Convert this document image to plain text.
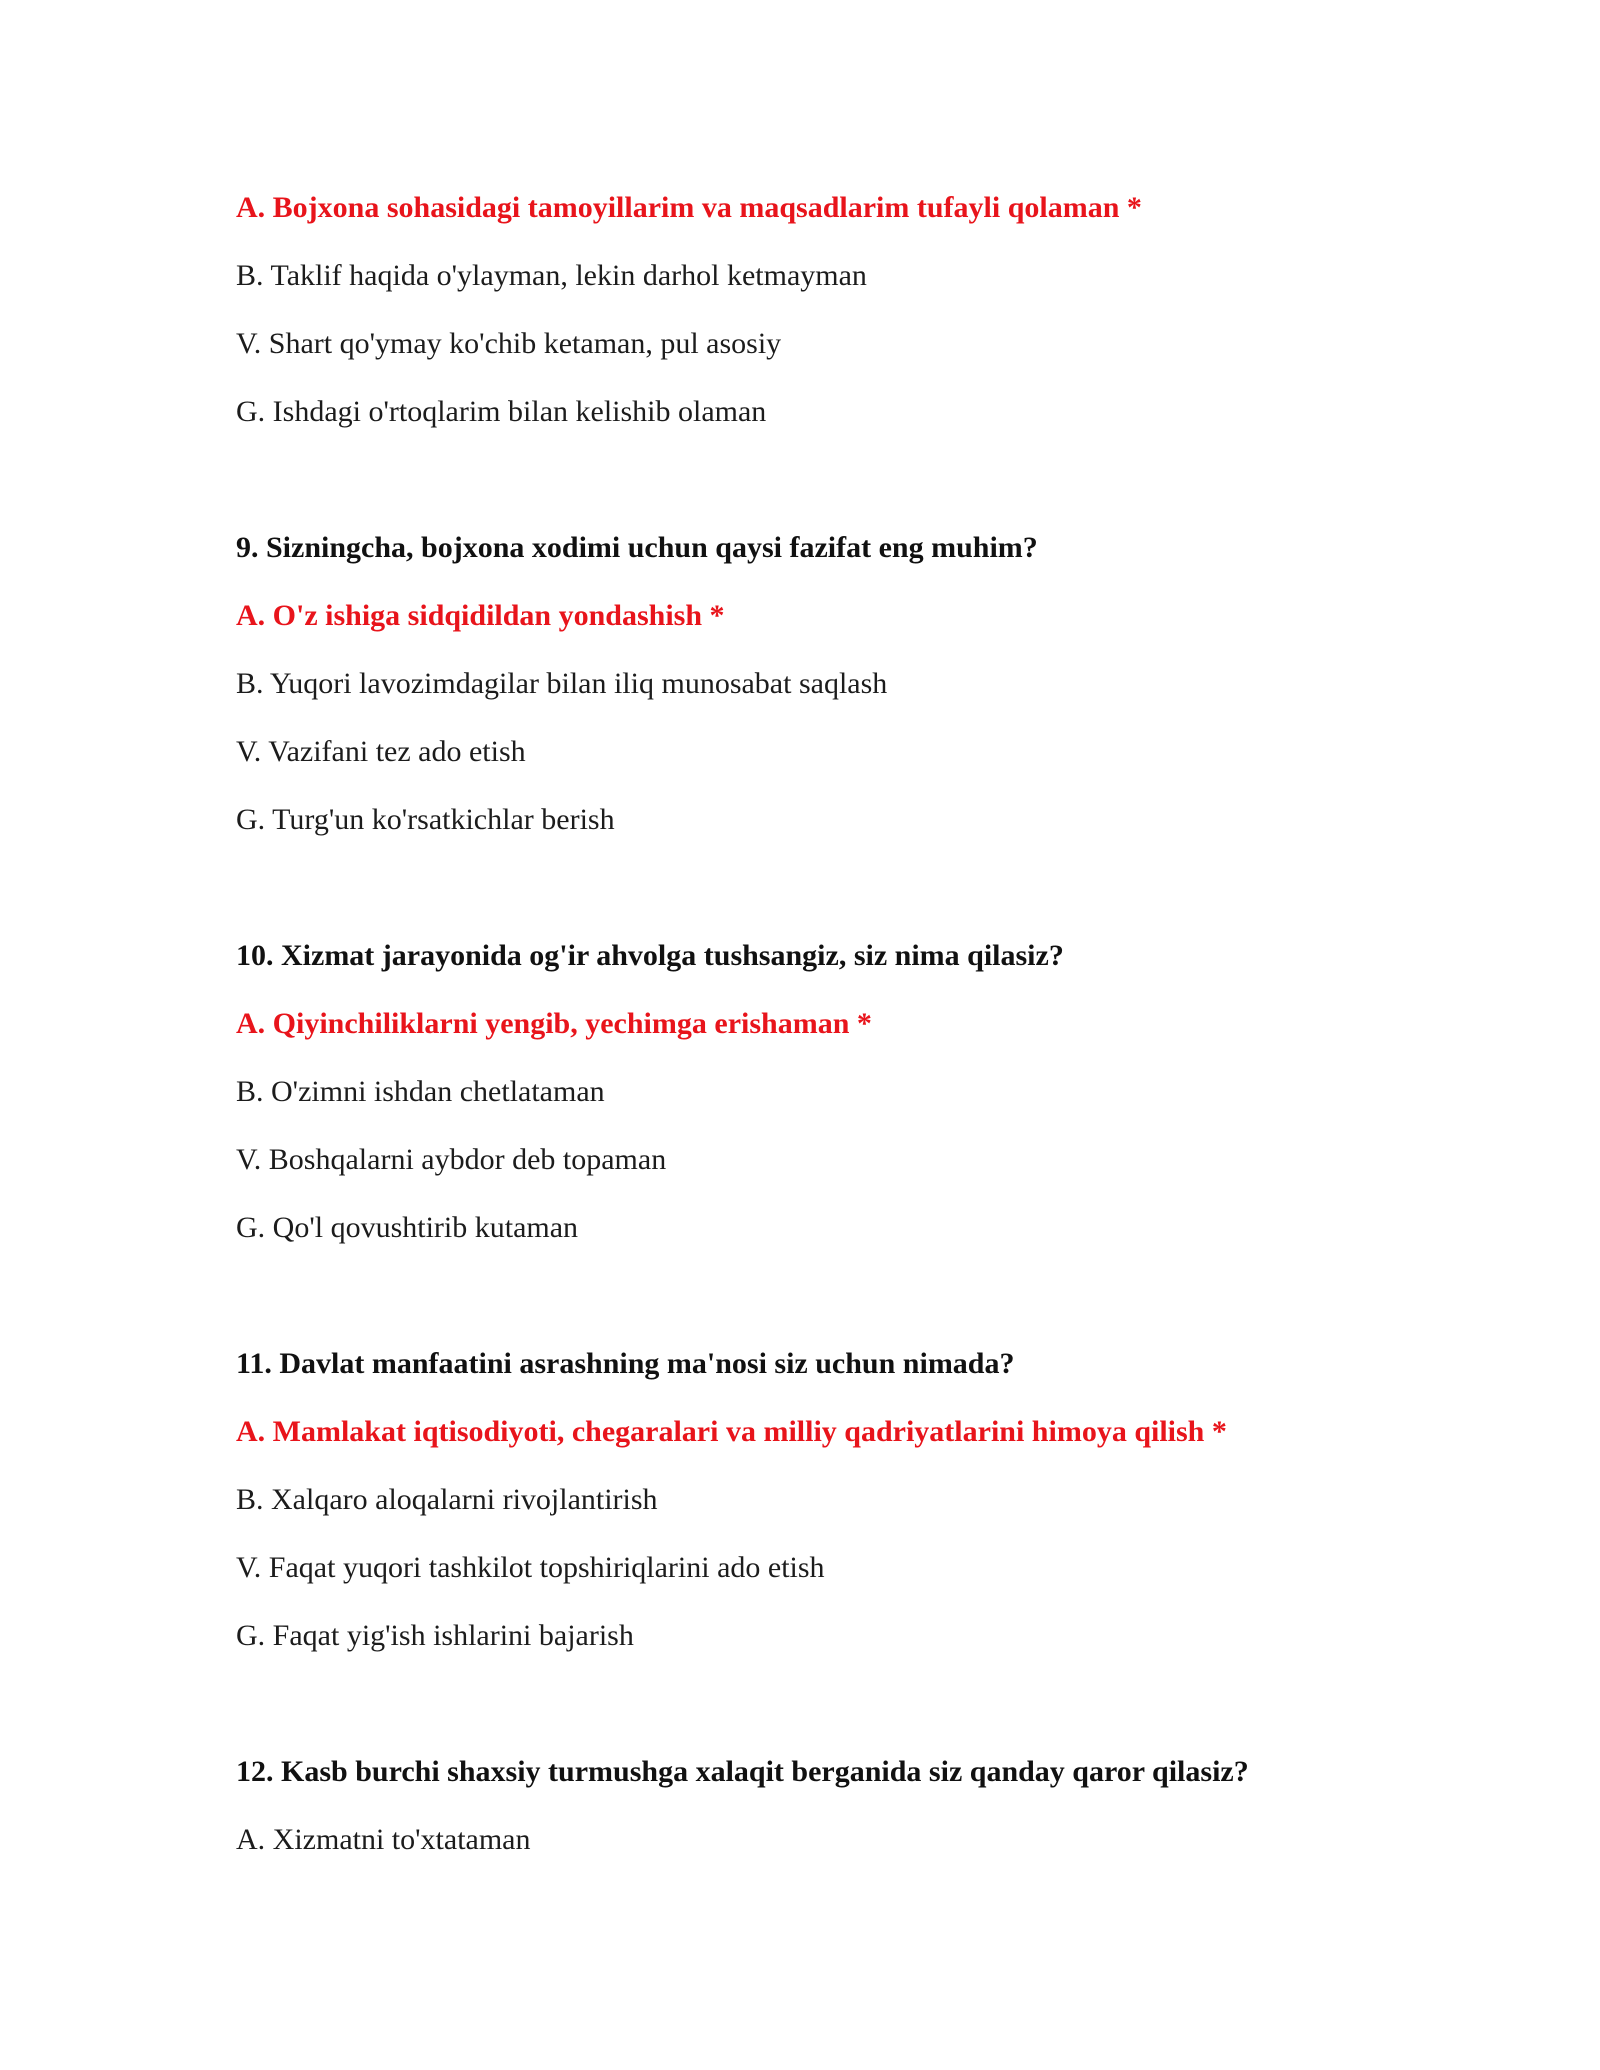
A. Bojxona sohasidagi tamoyillarim va maqsadlarim tufayli qolaman *
B. Taklif haqida o'ylayman, lekin darhol ketmayman
V. Shart qo'ymay ko'chib ketaman, pul asosiy
G. Ishdagi o'rtoqlarim bilan kelishib olaman
9. Sizningcha, bojxona xodimi uchun qaysi fazifat eng muhim?
A. O'z ishiga sidqidildan yondashish *
B. Yuqori lavozimdagilar bilan iliq munosabat saqlash
V. Vazifani tez ado etish
G. Turg'un ko'rsatkichlar berish
10. Xizmat jarayonida og'ir ahvolga tushsangiz, siz nima qilasiz?
A. Qiyinchiliklarni yengib, yechimga erishaman *
B. O'zimni ishdan chetlataman
V. Boshqalarni aybdor deb topaman
G. Qo'l qovushtirib kutaman
11. Davlat manfaatini asrashning ma'nosi siz uchun nimada?
A. Mamlakat iqtisodiyoti, chegaralari va milliy qadriyatlarini himoya qilish *
B. Xalqaro aloqalarni rivojlantirish
V. Faqat yuqori tashkilot topshiriqlarini ado etish
G. Faqat yig'ish ishlarini bajarish
12. Kasb burchi shaxsiy turmushga xalaqit berganida siz qanday qaror qilasiz?
A. Xizmatni to'xtataman
